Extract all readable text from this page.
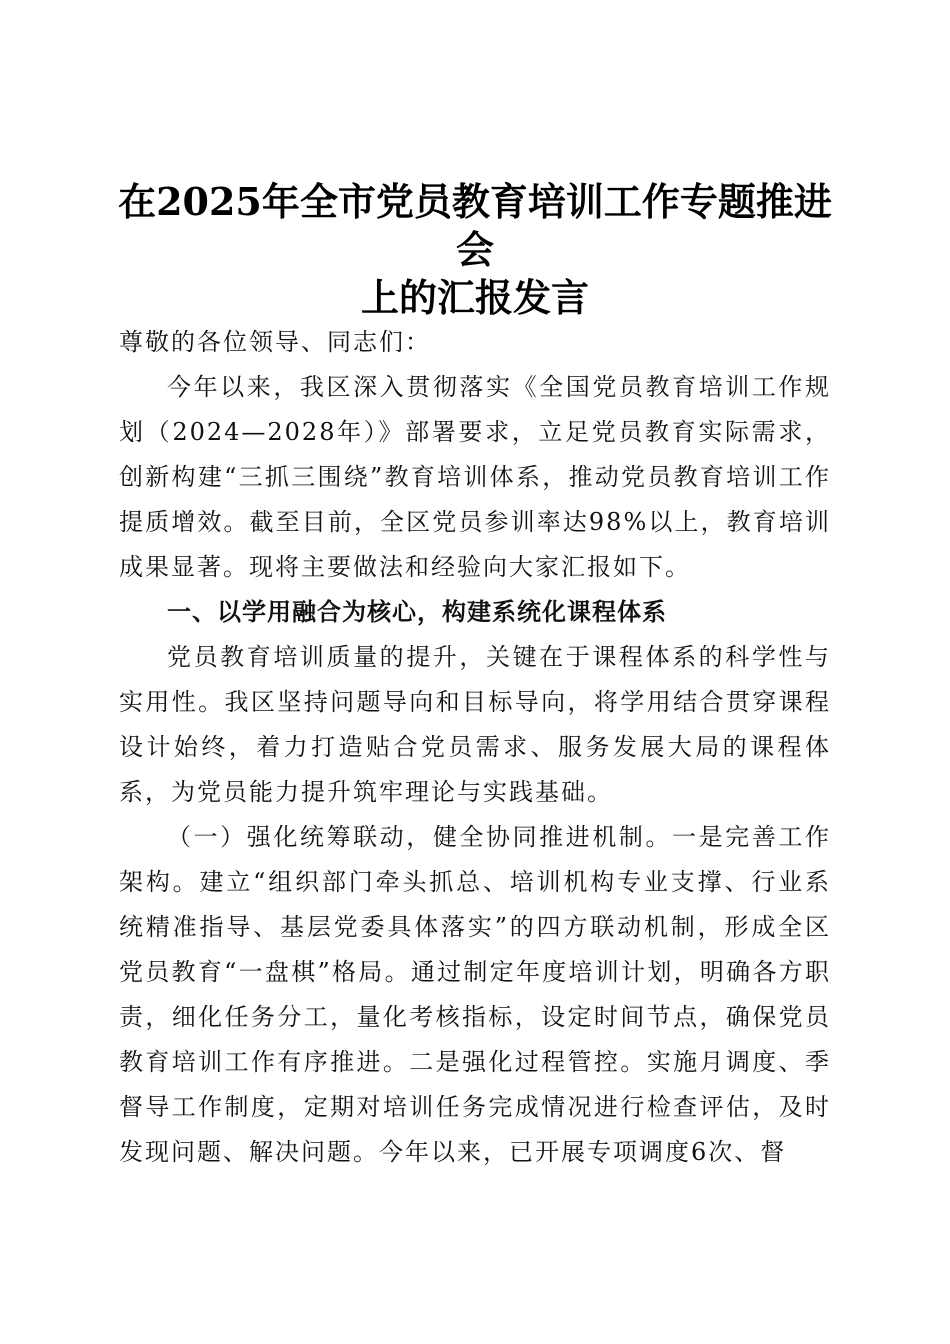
在2025年全市党员教育培训工作专题推进会
上的汇报发言

尊敬的各位领导、同志们：

今年以来，我区深入贯彻落实《全国党员教育培训工作规划（2024—2028年）》部署要求，立足党员教育实际需求，创新构建“三抓三围绕”教育培训体系，推动党员教育培训工作提质增效。截至目前，全区党员参训率达98%以上，教育培训成果显著。现将主要做法和经验向大家汇报如下。

一、以学用融合为核心，构建系统化课程体系

党员教育培训质量的提升，关键在于课程体系的科学性与实用性。我区坚持问题导向和目标导向，将学用结合贯穿课程设计始终，着力打造贴合党员需求、服务发展大局的课程体系，为党员能力提升筑牢理论与实践基础。

（一）强化统筹联动，健全协同推进机制。一是完善工作架构。建立“组织部门牵头抓总、培训机构专业支撑、行业系统精准指导、基层党委具体落实”的四方联动机制，形成全区党员教育“一盘棋”格局。通过制定年度培训计划，明确各方职责，细化任务分工，量化考核指标，设定时间节点，确保党员教育培训工作有序推进。二是强化过程管控。实施月调度、季督导工作制度，定期对培训任务完成情况进行检查评估，及时发现问题、解决问题。今年以来，已开展专项调度6次、督
